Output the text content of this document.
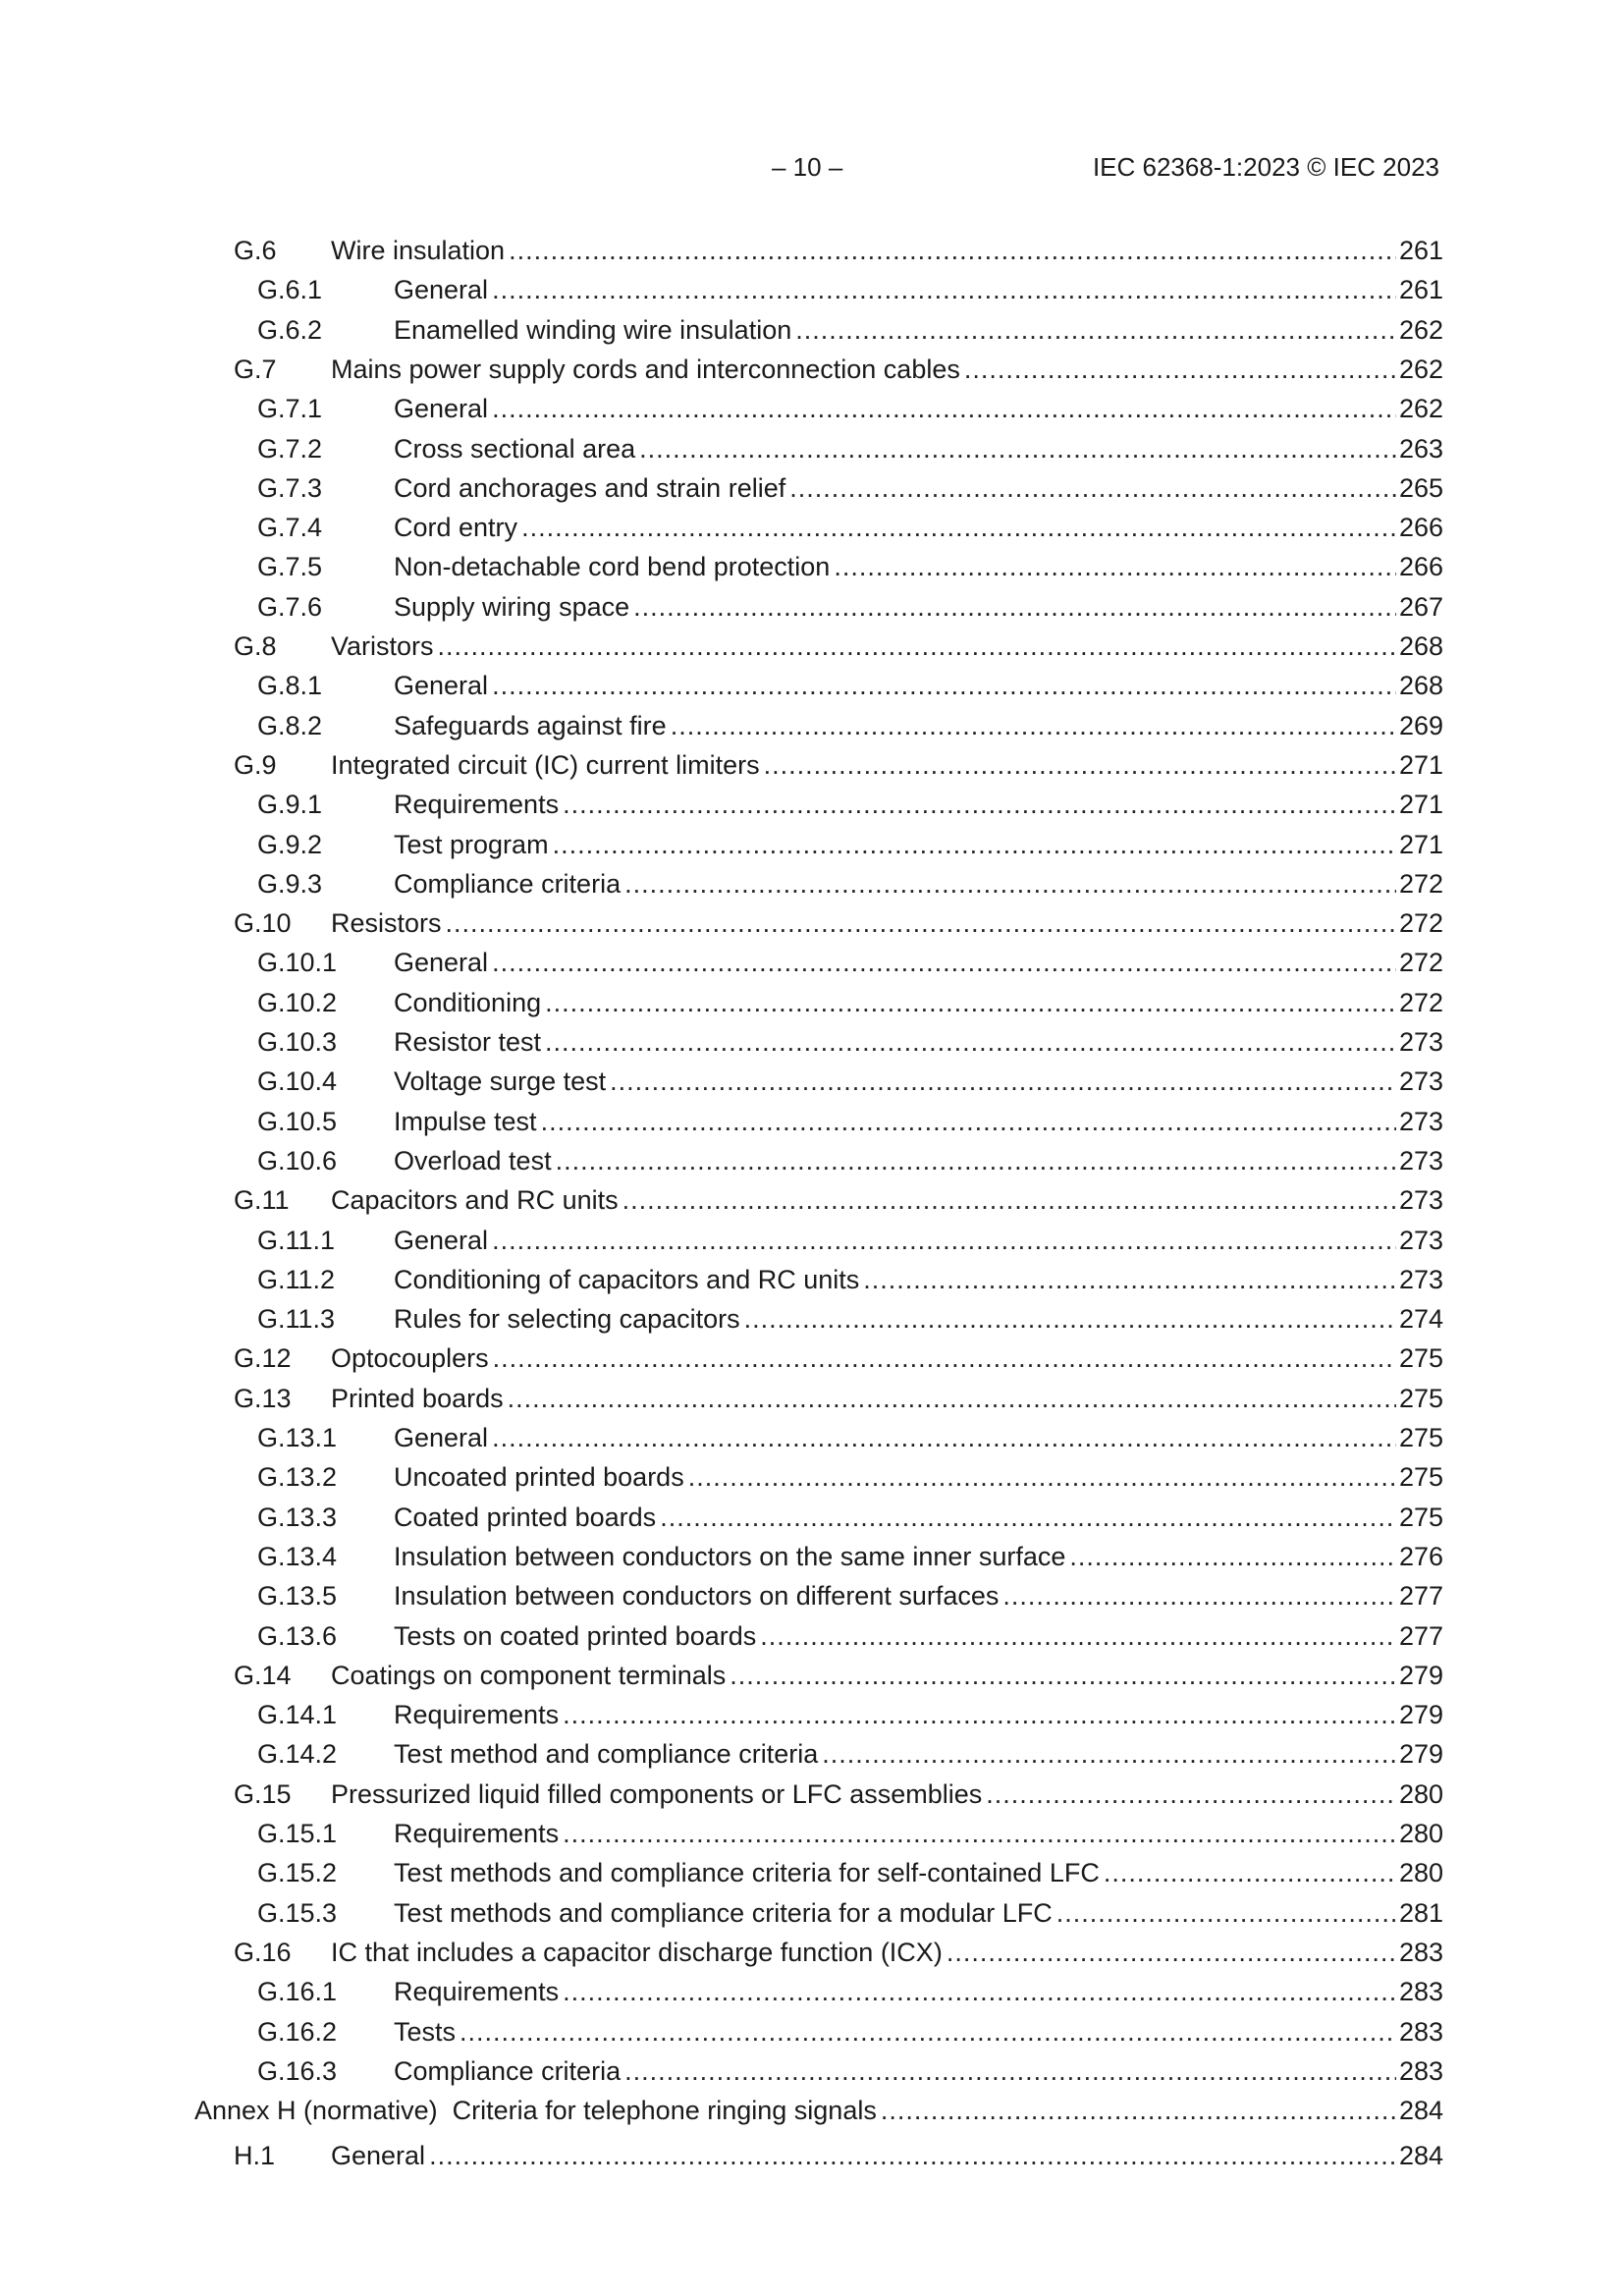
– 10 –	IEC 62368-1:2023 © IEC 2023
G.6 Wire insulation .....	261
G.6.1	General .....	261
G.6.2	Enamelled winding wire insulation .....	262
G.7 Mains power supply cords and interconnection cables .....	262
G.7.1	General .....	262
G.7.2	Cross sectional area .....	263
G.7.3	Cord anchorages and strain relief .....	265
G.7.4	Cord entry .....	266
G.7.5	Non-detachable cord bend protection .....	266
G.7.6	Supply wiring space .....	267
G.8 Varistors .....	268
G.8.1	General .....	268
G.8.2	Safeguards against fire .....	269
G.9 Integrated circuit (IC) current limiters .....	271
G.9.1	Requirements .....	271
G.9.2	Test program .....	271
G.9.3	Compliance criteria .....	272
G.10 Resistors .....	272
G.10.1 General .....	272
G.10.2 Conditioning .....	272
G.10.3 Resistor test .....	273
G.10.4 Voltage surge test .....	273
G.10.5 Impulse test .....	273
G.10.6 Overload test .....	273
G.11 Capacitors and RC units .....	273
G.11.1 General .....	273
G.11.2 Conditioning of capacitors and RC units .....	273
G.11.3 Rules for selecting capacitors .....	274
G.12 Optocouplers .....	275
G.13 Printed boards .....	275
G.13.1 General .....	275
G.13.2 Uncoated printed boards .....	275
G.13.3 Coated printed boards .....	275
G.13.4 Insulation between conductors on the same inner surface .....	276
G.13.5 Insulation between conductors on different surfaces .....	277
G.13.6 Tests on coated printed boards .....	277
G.14 Coatings on component terminals .....	279
G.14.1 Requirements .....	279
G.14.2 Test method and compliance criteria .....	279
G.15 Pressurized liquid filled components or LFC assemblies .....	280
G.15.1 Requirements .....	280
G.15.2 Test methods and compliance criteria for self-contained LFC .....	280
G.15.3 Test methods and compliance criteria for a modular LFC .....	281
G.16 IC that includes a capacitor discharge function (ICX) .....	283
G.16.1 Requirements .....	283
G.16.2 Tests .....	283
G.16.3 Compliance criteria .....	283
Annex H (normative)  Criteria for telephone ringing signals .....	284
H.1 General .....	284
